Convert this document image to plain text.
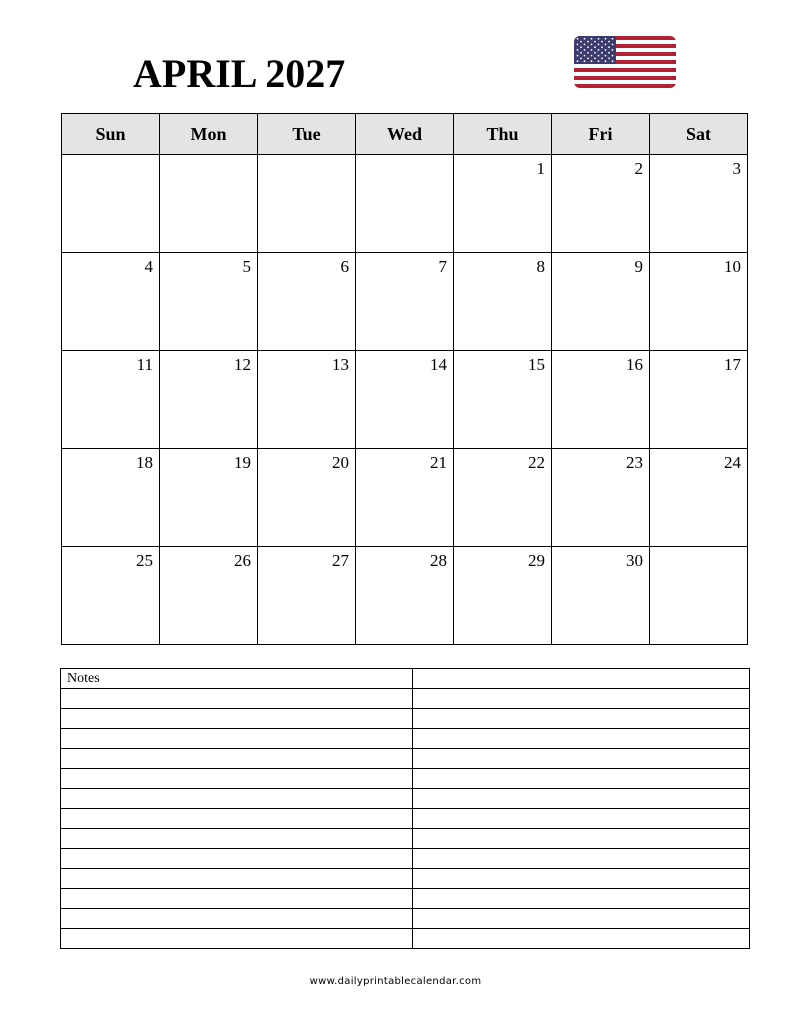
APRIL 2027
Sun	Mon	Tue	Wed	Thu	Fri	Sat
				1	2	3
4	5	6	7	8	9	10
11	12	13	14	15	16	17
18	19	20	21	22	23	24
25	26	27	28	29	30	
Notes	

www.dailyprintablecalendar.com
